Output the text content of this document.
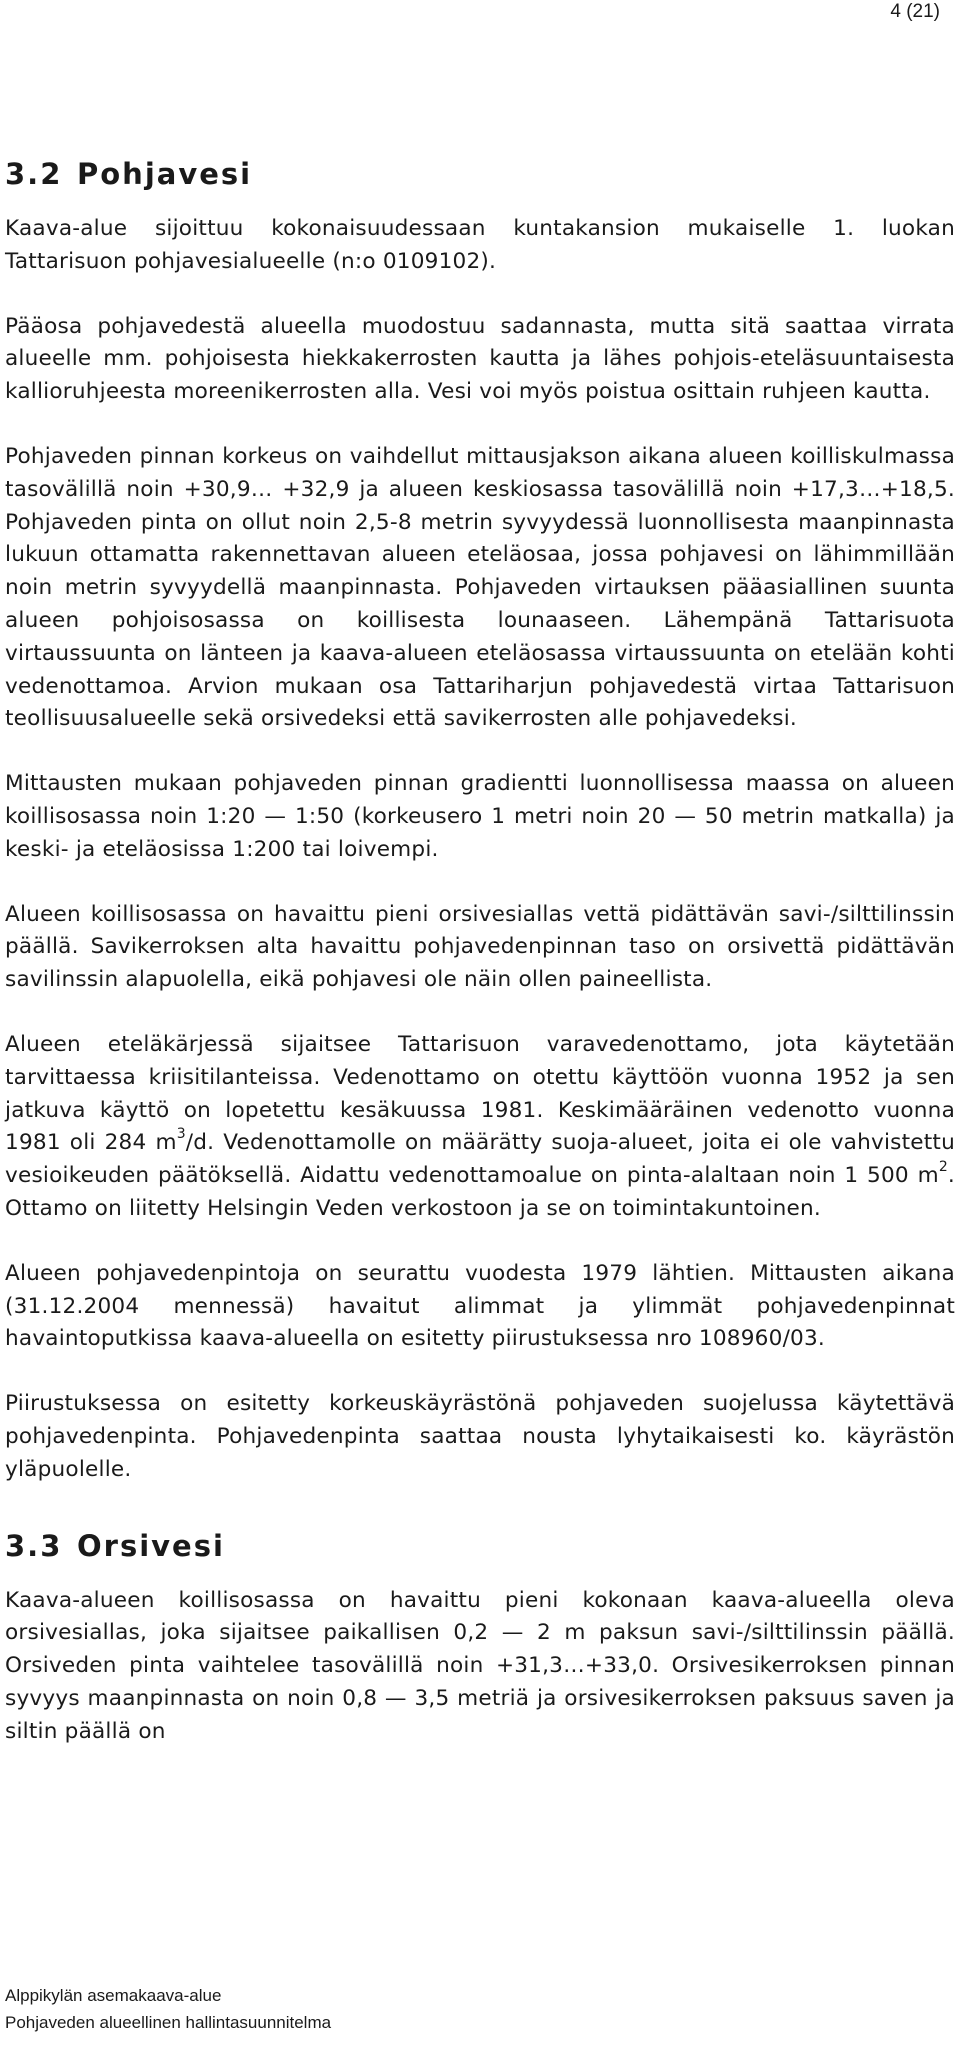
4 (21)
3.2 Pohjavesi

Kaava-alue sijoittuu kokonaisuudessaan kuntakansion mukaiselle 1. luokan Tattarisuon pohjavesialueelle (n:o 0109102).

Pääosa pohjavedestä alueella muodostuu sadannasta, mutta sitä saattaa virrata alueelle mm. pohjoisesta hiekkakerrosten kautta ja lähes pohjois-eteläsuuntaisesta kallioruhjeesta moreenikerrosten alla. Vesi voi myös poistua osittain ruhjeen kautta.

Pohjaveden pinnan korkeus on vaihdellut mittausjakson aikana alueen koilliskulmassa tasovälillä noin +30,9… +32,9 ja alueen keskiosassa tasovälillä noin +17,3…+18,5. Pohjaveden pinta on ollut noin 2,5-8 metrin syvyydessä luonnollisesta maanpinnasta lukuun ottamatta rakennettavan alueen eteläosaa, jossa pohjavesi on lähimmillään noin metrin syvyydellä maanpinnasta. Pohjaveden virtauksen pääasiallinen suunta alueen pohjoisosassa on koillisesta lounaaseen. Lähempänä Tattarisuota virtaussuunta on länteen ja kaava-alueen eteläosassa virtaussuunta on etelään kohti vedenottamoa. Arvion mukaan osa Tattariharjun pohjavedestä virtaa Tattarisuon teollisuusalueelle sekä orsivedeksi että savikerrosten alle pohjavedeksi.

Mittausten mukaan pohjaveden pinnan gradientti luonnollisessa maassa on alueen koillisosassa noin 1:20 — 1:50 (korkeusero 1 metri noin 20 — 50 metrin matkalla) ja keski- ja eteläosissa 1:200 tai loivempi.

Alueen koillisosassa on havaittu pieni orsivesiallas vettä pidättävän savi-/silttilinssin päällä. Savikerroksen alta havaittu pohjavedenpinnan taso on orsivettä pidättävän savilinssin alapuolella, eikä pohjavesi ole näin ollen paineellista.

Alueen eteläkärjessä sijaitsee Tattarisuon varavedenottamo, jota käytetään tarvittaessa kriisitilanteissa. Vedenottamo on otettu käyttöön vuonna 1952 ja sen jatkuva käyttö on lopetettu kesäkuussa 1981. Keskimääräinen vedenotto vuonna 1981 oli 284 $m^3/d$. Vedenottamolle on määrätty suoja-alueet, joita ei ole vahvistettu vesioikeuden päätöksellä. Aidattu vedenottamoalue on pinta-alaltaan noin 1 500 $m^2$. Ottamo on liitetty Helsingin Veden verkostoon ja se on toimintakuntoinen.

Alueen pohjavedenpintoja on seurattu vuodesta 1979 lähtien. Mittausten aikana (31.12.2004 mennessä) havaitut alimmat ja ylimmät pohjavedenpinnat havaintoputkissa kaava-alueella on esitetty piirustuksessa nro 108960/03.

Piirustuksessa on esitetty korkeuskäyrästönä pohjaveden suojelussa käytettävä pohjavedenpinta. Pohjavedenpinta saattaa nousta lyhytaikaisesti ko. käyrästön yläpuolelle.

3.3 Orsivesi

Kaava-alueen koillisosassa on havaittu pieni kokonaan kaava-alueella oleva orsivesiallas, joka sijaitsee paikallisen 0,2 — 2 m paksun savi-/silttilinssin päällä. Orsiveden pinta vaihtelee tasovälillä noin +31,3…+33,0. Orsivesikerroksen pinnan syvyys maanpinnasta on noin 0,8 — 3,5 metriä ja orsivesikerroksen paksuus saven ja siltin päällä on

Alppikylän asemakaava-alue
Pohjaveden alueellinen hallintasuunnitelma
